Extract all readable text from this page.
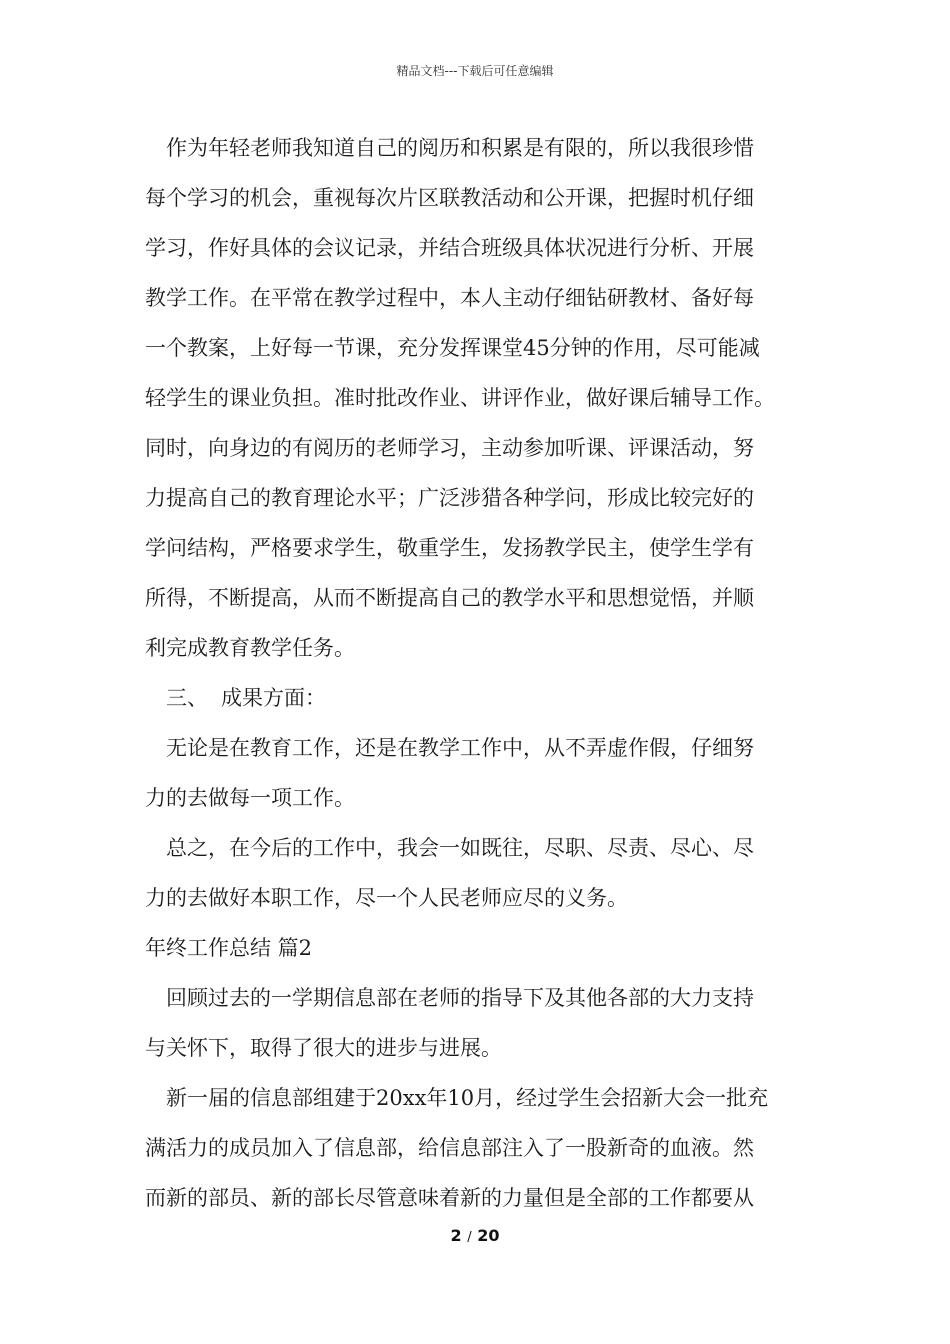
精品文档---下载后可任意编辑
作为年轻老师我知道自己的阅历和积累是有限的，所以我很珍惜
每个学习的机会，重视每次片区联教活动和公开课，把握时机仔细
学习，作好具体的会议记录，并结合班级具体状况进行分析、开展
教学工作。在平常在教学过程中，本人主动仔细钻研教材、备好每
一个教案，上好每一节课，充分发挥课堂45分钟的作用，尽可能减
轻学生的课业负担。准时批改作业、讲评作业，做好课后辅导工作。
同时，向身边的有阅历的老师学习，主动参加听课、评课活动，努
力提高自己的教育理论水平；广泛涉猎各种学问，形成比较完好的
学问结构，严格要求学生，敬重学生，发扬教学民主，使学生学有
所得，不断提高，从而不断提高自己的教学水平和思想觉悟，并顺
利完成教育教学任务。
三、 成果方面：
无论是在教育工作，还是在教学工作中，从不弄虚作假，仔细努
力的去做每一项工作。
总之，在今后的工作中，我会一如既往，尽职、尽责、尽心、尽
力的去做好本职工作，尽一个人民老师应尽的义务。
年终工作总结 篇2
回顾过去的一学期信息部在老师的指导下及其他各部的大力支持
与关怀下，取得了很大的进步与进展。
新一届的信息部组建于20xx年10月，经过学生会招新大会一批充
满活力的成员加入了信息部，给信息部注入了一股新奇的血液。然
而新的部员、新的部长尽管意味着新的力量但是全部的工作都要从
2 / 20
